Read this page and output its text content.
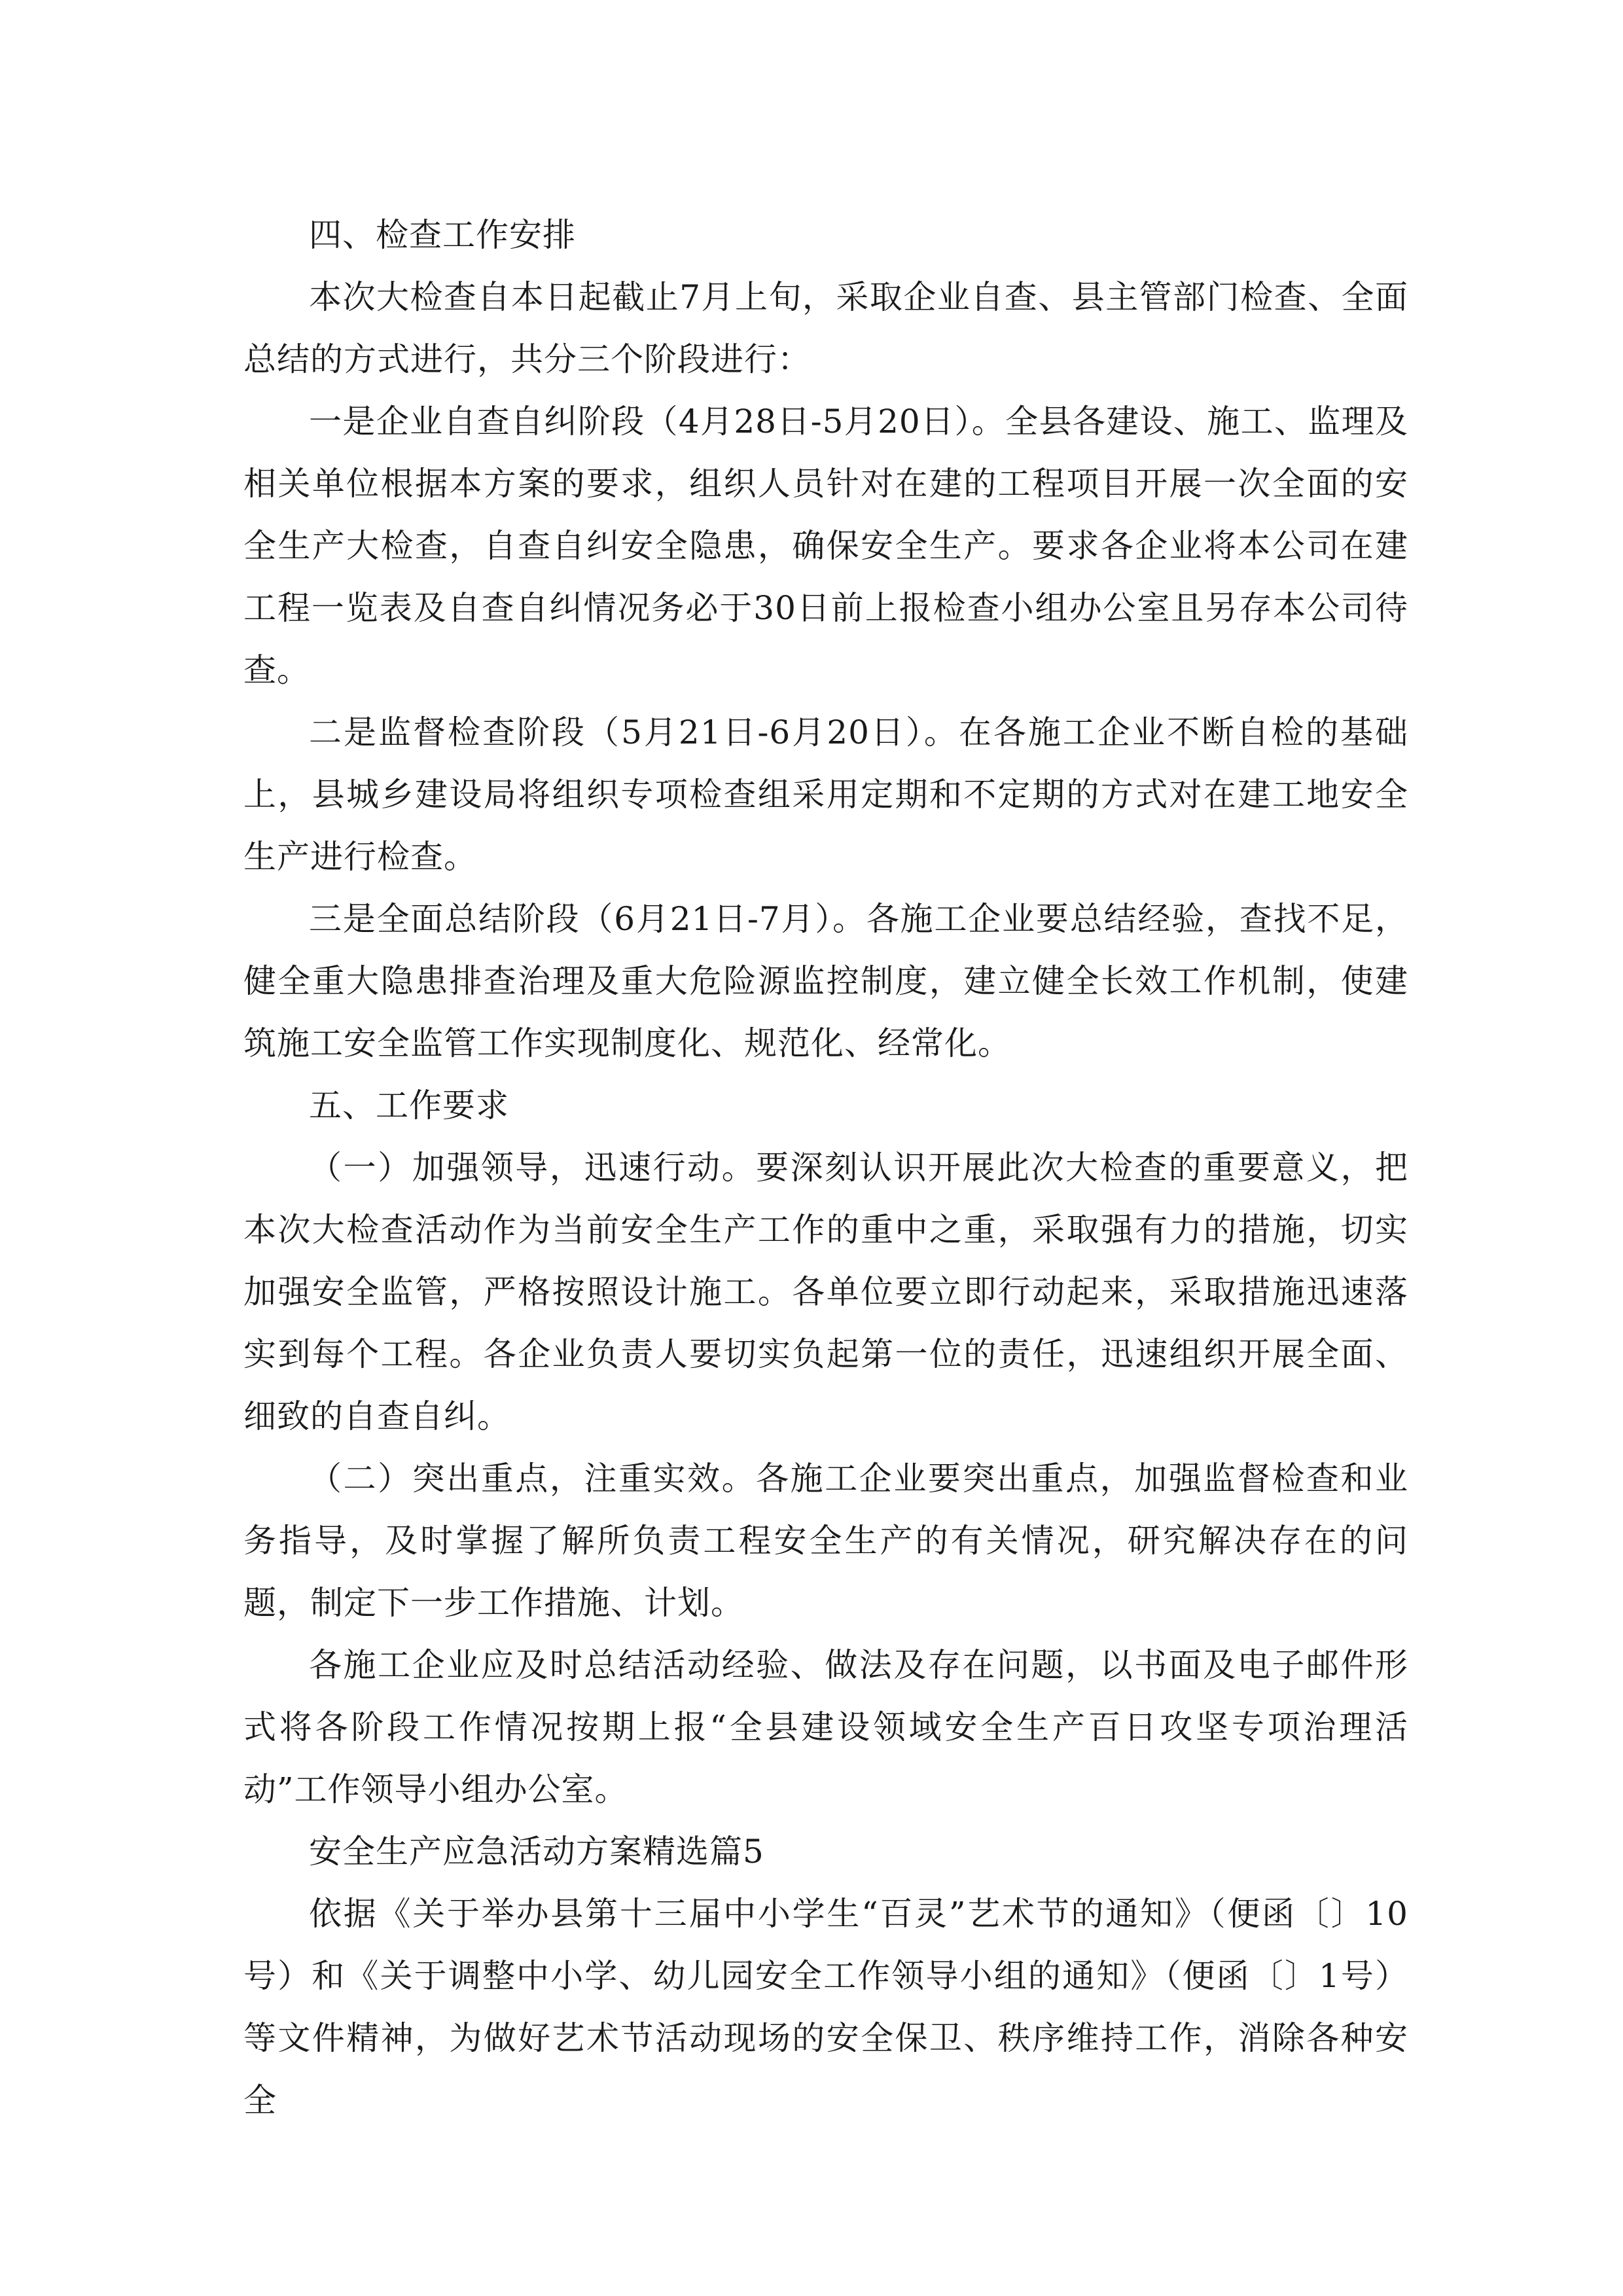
四、检查工作安排

本次大检查自本日起截止7月上旬，采取企业自查、县主管部门检查、全面总结的方式进行，共分三个阶段进行：

一是企业自查自纠阶段（4月28日-5月20日）。全县各建设、施工、监理及相关单位根据本方案的要求，组织人员针对在建的工程项目开展一次全面的安全生产大检查，自查自纠安全隐患，确保安全生产。要求各企业将本公司在建工程一览表及自查自纠情况务必于30日前上报检查小组办公室且另存本公司待查。

二是监督检查阶段（5月21日-6月20日）。在各施工企业不断自检的基础上，县城乡建设局将组织专项检查组采用定期和不定期的方式对在建工地安全生产进行检查。

三是全面总结阶段（6月21日-7月）。各施工企业要总结经验，查找不足，健全重大隐患排查治理及重大危险源监控制度，建立健全长效工作机制，使建筑施工安全监管工作实现制度化、规范化、经常化。

五、工作要求

（一）加强领导，迅速行动。要深刻认识开展此次大检查的重要意义，把本次大检查活动作为当前安全生产工作的重中之重，采取强有力的措施，切实加强安全监管，严格按照设计施工。各单位要立即行动起来，采取措施迅速落实到每个工程。各企业负责人要切实负起第一位的责任，迅速组织开展全面、细致的自查自纠。

（二）突出重点，注重实效。各施工企业要突出重点，加强监督检查和业务指导，及时掌握了解所负责工程安全生产的有关情况，研究解决存在的问题，制定下一步工作措施、计划。

各施工企业应及时总结活动经验、做法及存在问题，以书面及电子邮件形式将各阶段工作情况按期上报“全县建设领域安全生产百日攻坚专项治理活动”工作领导小组办公室。

安全生产应急活动方案精选篇5

依据《关于举办县第十三届中小学生“百灵”艺术节的通知》（便函〔〕10号）和《关于调整中小学、幼儿园安全工作领导小组的通知》（便函〔〕1号）等文件精神，为做好艺术节活动现场的安全保卫、秩序维持工作，消除各种安全
